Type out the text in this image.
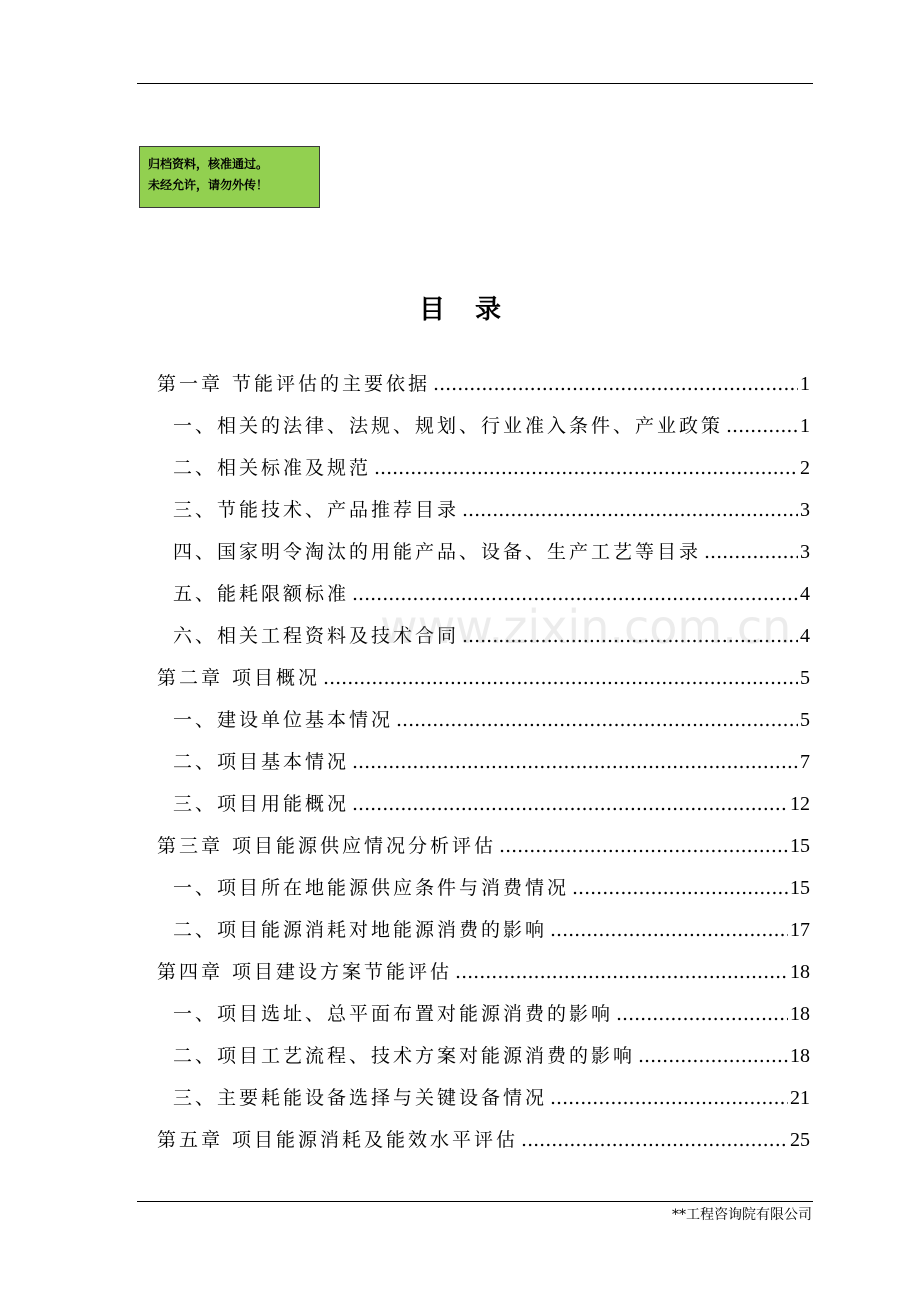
归档资料，核准通过。
未经允许，请勿外传！
目录
第一章 节能评估的主要依据 .....	1
一、相关的法律、法规、规划、行业准入条件、产业政策 .....	1
二、相关标准及规范 .....	2
三、节能技术、产品推荐目录 .....	3
四、国家明令淘汰的用能产品、设备、生产工艺等目录 .....	3
五、能耗限额标准 .....	4
六、相关工程资料及技术合同 .....	4
第二章 项目概况 .....	5
一、建设单位基本情况 .....	5
二、项目基本情况 .....	7
三、项目用能概况 .....	12
第三章 项目能源供应情况分析评估 .....	15
一、项目所在地能源供应条件与消费情况 .....	15
二、项目能源消耗对地能源消费的影响 .....	17
第四章 项目建设方案节能评估 .....	18
一、项目选址、总平面布置对能源消费的影响 .....	18
二、项目工艺流程、技术方案对能源消费的影响 .....	18
三、主要耗能设备选择与关键设备情况 .....	21
第五章 项目能源消耗及能效水平评估 .....	25
www.zixin.com.cn
**工程咨询院有限公司
